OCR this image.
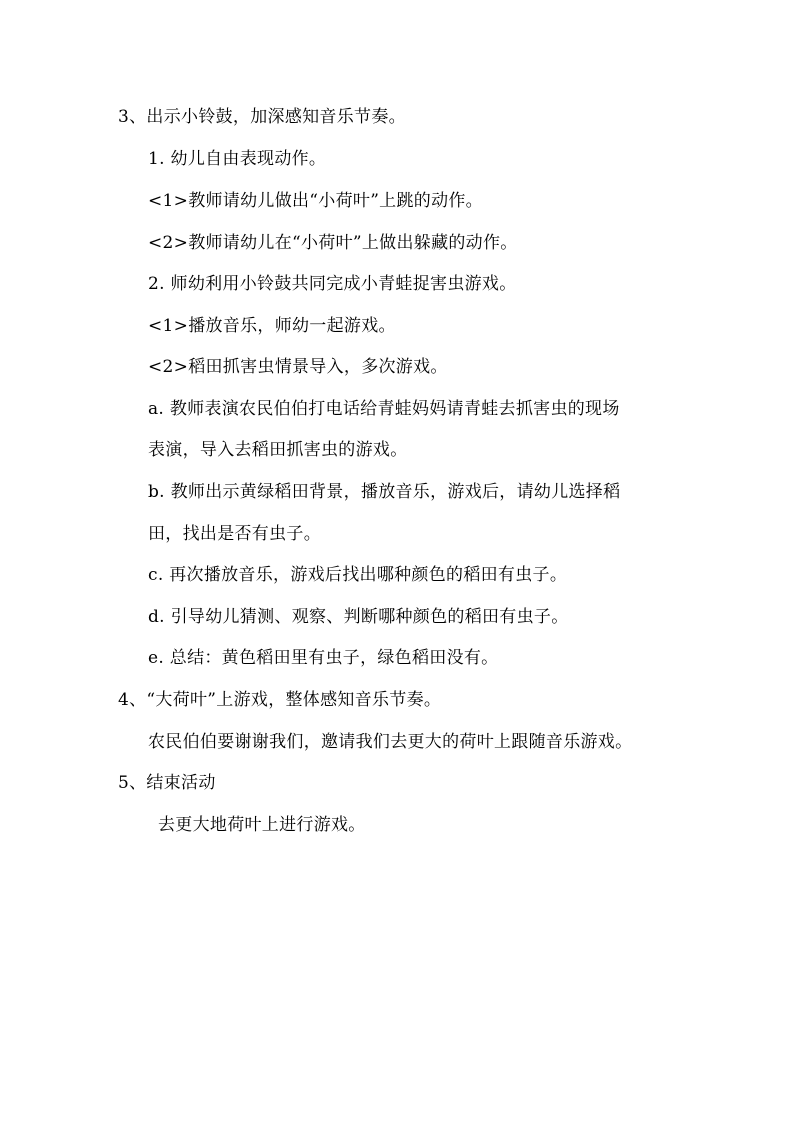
3、出示小铃鼓，加深感知音乐节奏。
1. 幼儿自由表现动作。
<1>教师请幼儿做出“小荷叶”上跳的动作。
<2>教师请幼儿在“小荷叶”上做出躲藏的动作。
2. 师幼利用小铃鼓共同完成小青蛙捉害虫游戏。
<1>播放音乐，师幼一起游戏。
<2>稻田抓害虫情景导入，多次游戏。
a. 教师表演农民伯伯打电话给青蛙妈妈请青蛙去抓害虫的现场
表演，导入去稻田抓害虫的游戏。
b. 教师出示黄绿稻田背景，播放音乐，游戏后，请幼儿选择稻
田，找出是否有虫子。
c. 再次播放音乐，游戏后找出哪种颜色的稻田有虫子。
d. 引导幼儿猜测、观察、判断哪种颜色的稻田有虫子。
e. 总结：黄色稻田里有虫子，绿色稻田没有。
4、“大荷叶”上游戏，整体感知音乐节奏。
农民伯伯要谢谢我们，邀请我们去更大的荷叶上跟随音乐游戏。
5、结束活动
去更大地荷叶上进行游戏。
